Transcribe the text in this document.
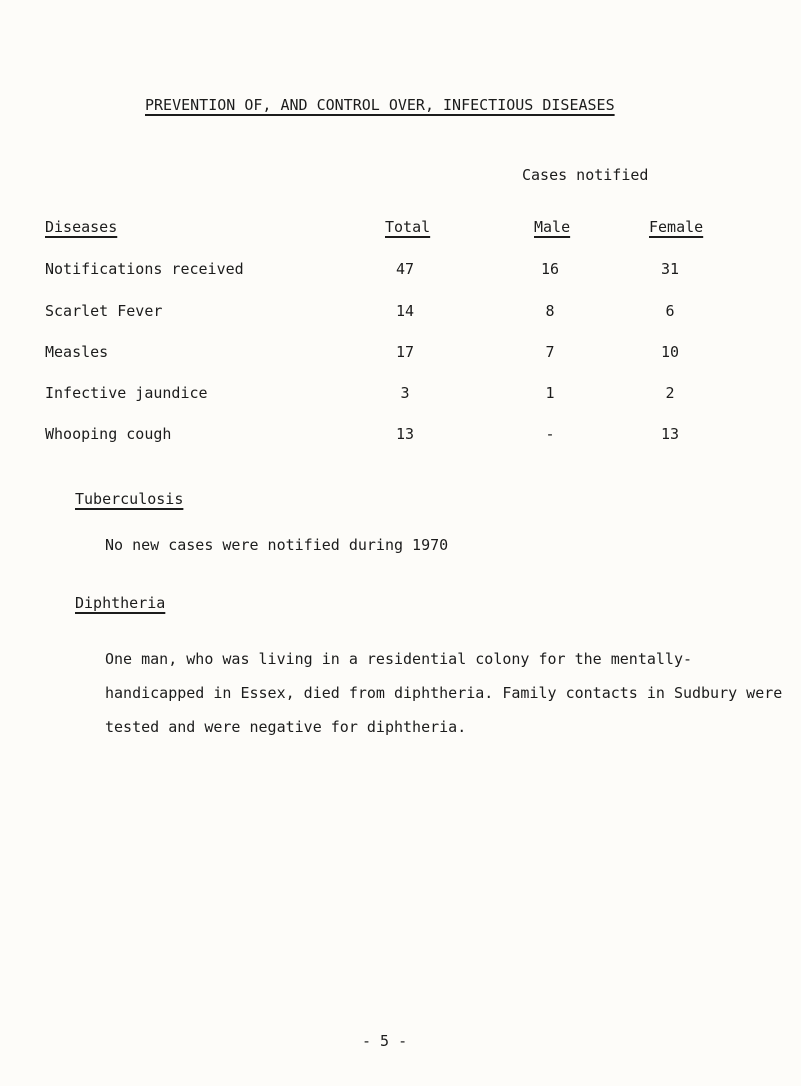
PREVENTION OF, AND CONTROL OVER, INFECTIOUS DISEASES
Cases notified
Diseases	Total	Male	Female
Notifications received	47	16	31
Scarlet Fever	14	8	6
Measles	17	7	10
Infective jaundice	3	1	2
Whooping cough	13	-	13
Tuberculosis
No new cases were notified during 1970
Diphtheria
One man, who was living in a residential colony for the mentally-handicapped in Essex, died from diphtheria. Family contacts in Sudbury were tested and were negative for diphtheria.
- 5 -
